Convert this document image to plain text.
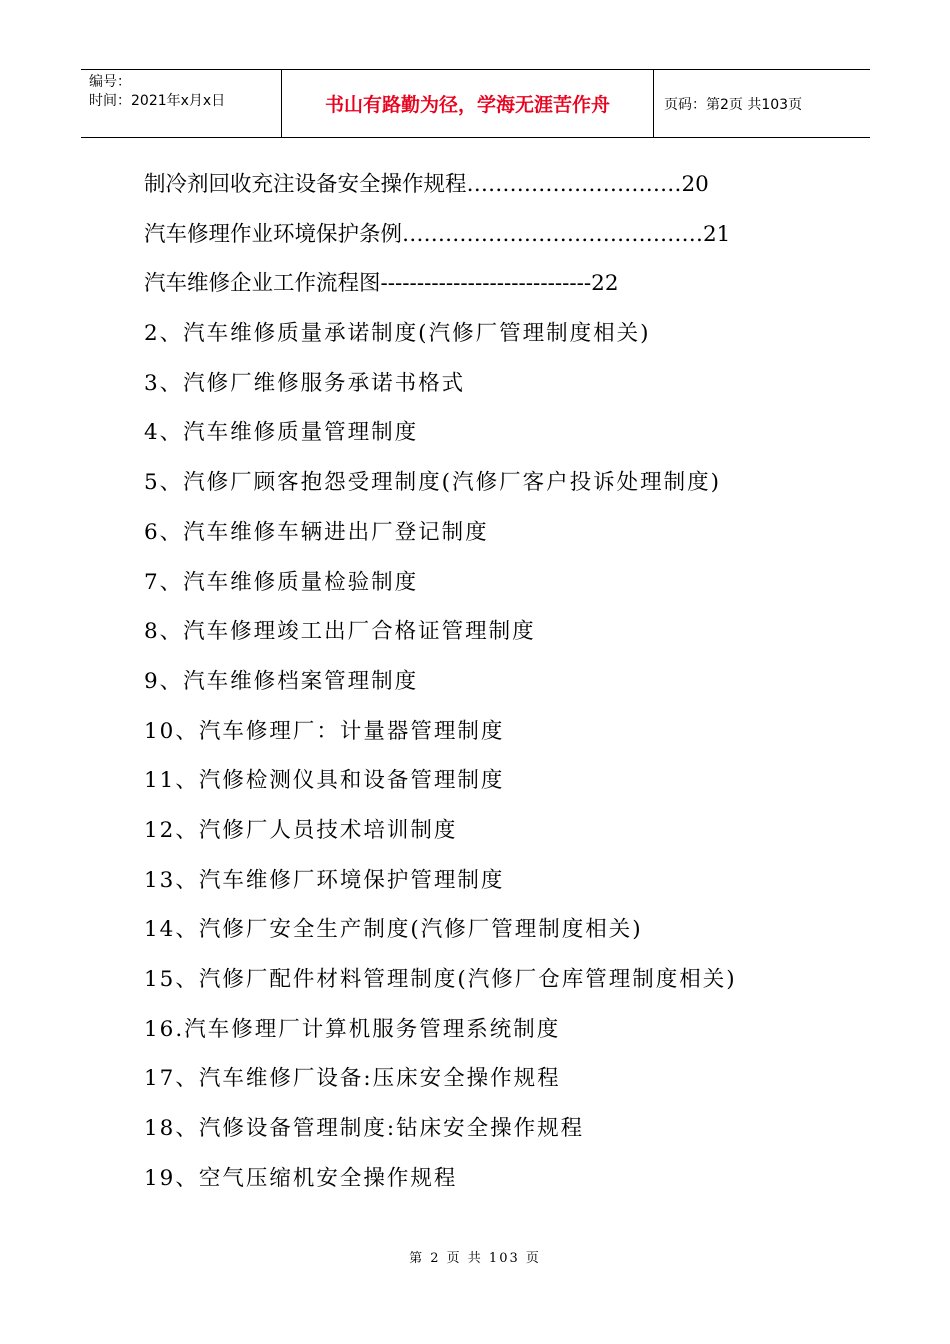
编号：
时间：2021年x月x日	书山有路勤为径，学海无涯苦作舟	页码：第2页 共103页
制冷剂回收充注设备安全操作规程…………………………20
汽车修理作业环境保护条例……………………………………21
汽车维修企业工作流程图-----------------------------22
2、汽车维修质量承诺制度(汽修厂管理制度相关)
3、汽修厂维修服务承诺书格式
4、汽车维修质量管理制度
5、汽修厂顾客抱怨受理制度(汽修厂客户投诉处理制度)
6、汽车维修车辆进出厂登记制度
7、汽车维修质量检验制度
8、汽车修理竣工出厂合格证管理制度
9、汽车维修档案管理制度
10、汽车修理厂：计量器管理制度
11、汽修检测仪具和设备管理制度
12、汽修厂人员技术培训制度
13、汽车维修厂环境保护管理制度
14、汽修厂安全生产制度(汽修厂管理制度相关)
15、汽修厂配件材料管理制度(汽修厂仓库管理制度相关)
16.汽车修理厂计算机服务管理系统制度
17、汽车维修厂设备:压床安全操作规程
18、汽修设备管理制度:钻床安全操作规程
19、空气压缩机安全操作规程
第 2 页 共 103 页
